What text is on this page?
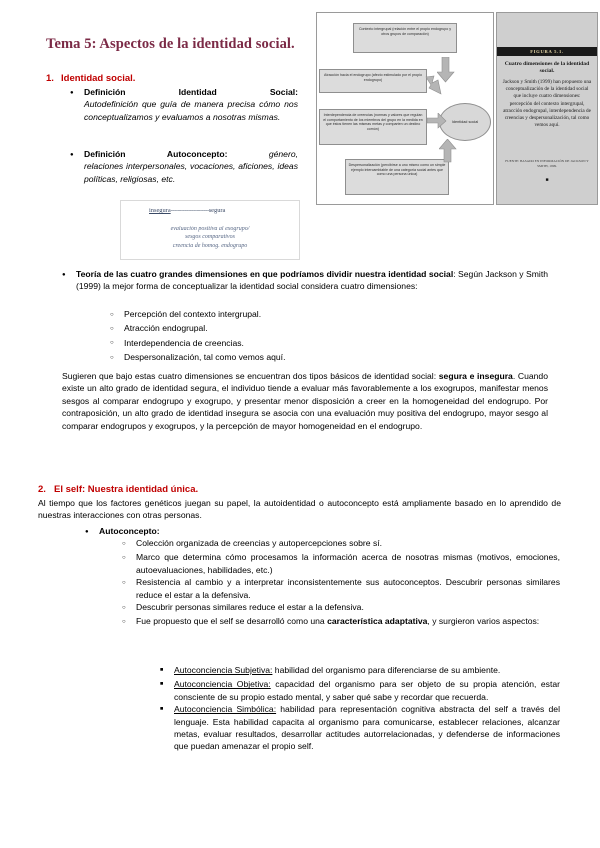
Tema 5: Aspectos de la identidad social.
1. Identidad social.
●
Definición	Identidad	Social:
Autodefinición que guía de manera precisa cómo nos conceptualizamos y evaluamos a nosotras mismas.
●
Definición	Autoconcepto:	género,
relaciones interpersonales, vocaciones, aficiones, ideas políticas, religiosas, etc.
insegura----------------------segura
evaluación positiva al exogrupo/
sesgos comparativos
creencia de homog. endogrupo
Contexto intergrupal (relación entre el propio endogrupo y otros grupos de comparación)
Atracción hacia el endogrupo (afecto estimulado por el propio endogrupo)
Interdependencia de creencias (normas y valores que regulan el comportamiento de los miembros del grupo en la medida en que éstos tienen las mismas metas y comparten un destino común)
Despersonalización (percibirse a uno mismo como un simple ejemplo intercambiable de una categoría social antes que como una persona única)
Identidad social
FIGURA 5.1.
Cuatro dimensiones de la identidad social.
Jackson y Smith (1999) han propuesto una conceptualización de la identidad social que incluye cuatro dimensiones: percepción del contexto intergrupal, atracción endogrupal, interdependencia de creencias y despersonalización, tal como vemos aquí.
FUENTE: BASADO EN INFORMACIÓN DE JACKSON Y SMITH, 1999.
■
●
Teoría de las cuatro grandes dimensiones en que podríamos dividir nuestra identidad social: Según Jackson y Smith (1999) la mejor forma de conceptualizar la identidad social considera cuatro dimensiones:
○
Percepción del contexto intergrupal.
○
Atracción endogrupal.
○
Interdependencia de creencias.
○
Despersonalización, tal como vemos aquí.
Sugieren que bajo estas cuatro dimensiones se encuentran dos tipos básicos de identidad social: segura e insegura. Cuando existe un alto grado de identidad segura, el individuo tiende a evaluar más favorablemente a los exogrupos, manifestar menos sesgos al comparar endogrupo y exogrupo, y presentar menor disposición a creer en la homogeneidad del endogrupo. Por contraposición, un alto grado de identidad insegura se asocia con una evaluación muy positiva del endogrupo, mayor sesgo al comparar endogrupos y exogrupos, y la percepción de mayor homogeneidad en el endogrupo.
2. El self: Nuestra identidad única.
Al tiempo que los factores genéticos juegan su papel, la autoidentidad o autoconcepto está ampliamente basado en lo aprendido de nuestras interacciones con otras personas.
●
Autoconcepto:
○
Colección organizada de creencias y autopercepciones sobre sí.
○
Marco que determina cómo procesamos la información acerca de nosotras mismas (motivos, emociones, autoevaluaciones, habilidades, etc.)
○
Resistencia al cambio y a interpretar inconsistentemente sus autoconceptos. Descubrir personas similares reduce el estar a la defensiva.
○
Descubrir personas similares reduce el estar a la defensiva.
○
Fue propuesto que el self se desarrolló como una característica adaptativa, y surgieron varios aspectos:
■
Autoconciencia Subjetiva: habilidad del organismo para diferenciarse de su ambiente.
■
Autoconciencia Objetiva: capacidad del organismo para ser objeto de su propia atención, estar consciente de su propio estado mental, y saber qué sabe y recordar que recuerda.
■
Autoconciencia Simbólica: habilidad para representación cognitiva abstracta del self a través del lenguaje. Esta habilidad capacita al organismo para comunicarse, establecer relaciones, alcanzar metas, evaluar resultados, desarrollar actitudes autorrelacionadas, y defenderse de informaciones que puedan amenazar el propio self.
